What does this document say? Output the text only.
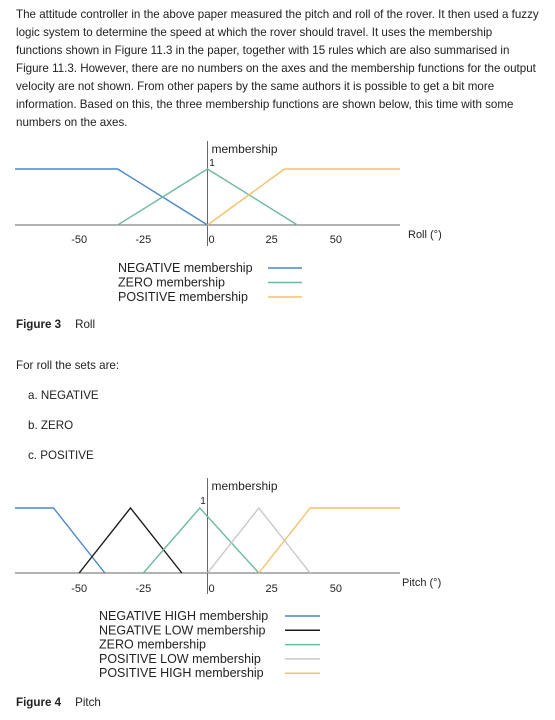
The attitude controller in the above paper measured the pitch and roll of the rover. It then used a fuzzy logic system to determine the speed at which the rover should travel. It uses the membership functions shown in Figure 11.3 in the paper, together with 15 rules which are also summarised in Figure 11.3. However, there are no numbers on the axes and the membership functions for the output velocity are not shown. From other papers by the same authors it is possible to get a bit more information. Based on this, the three membership functions are shown below, this time with some numbers on the axes.
membership
1
-50	-25	0	25	50	Roll (°)
NEGATIVE membership
ZERO membership
POSITIVE membership
membership
1
-50	-25	0	25	50	Pitch (°)
NEGATIVE HIGH membership
NEGATIVE LOW membership
ZERO membership
POSITIVE LOW membership
POSITIVE HIGH membership
Figure 3 Roll
For roll the sets are:
a. NEGATIVE
b. ZERO
c. POSITIVE
Figure 4 Pitch
